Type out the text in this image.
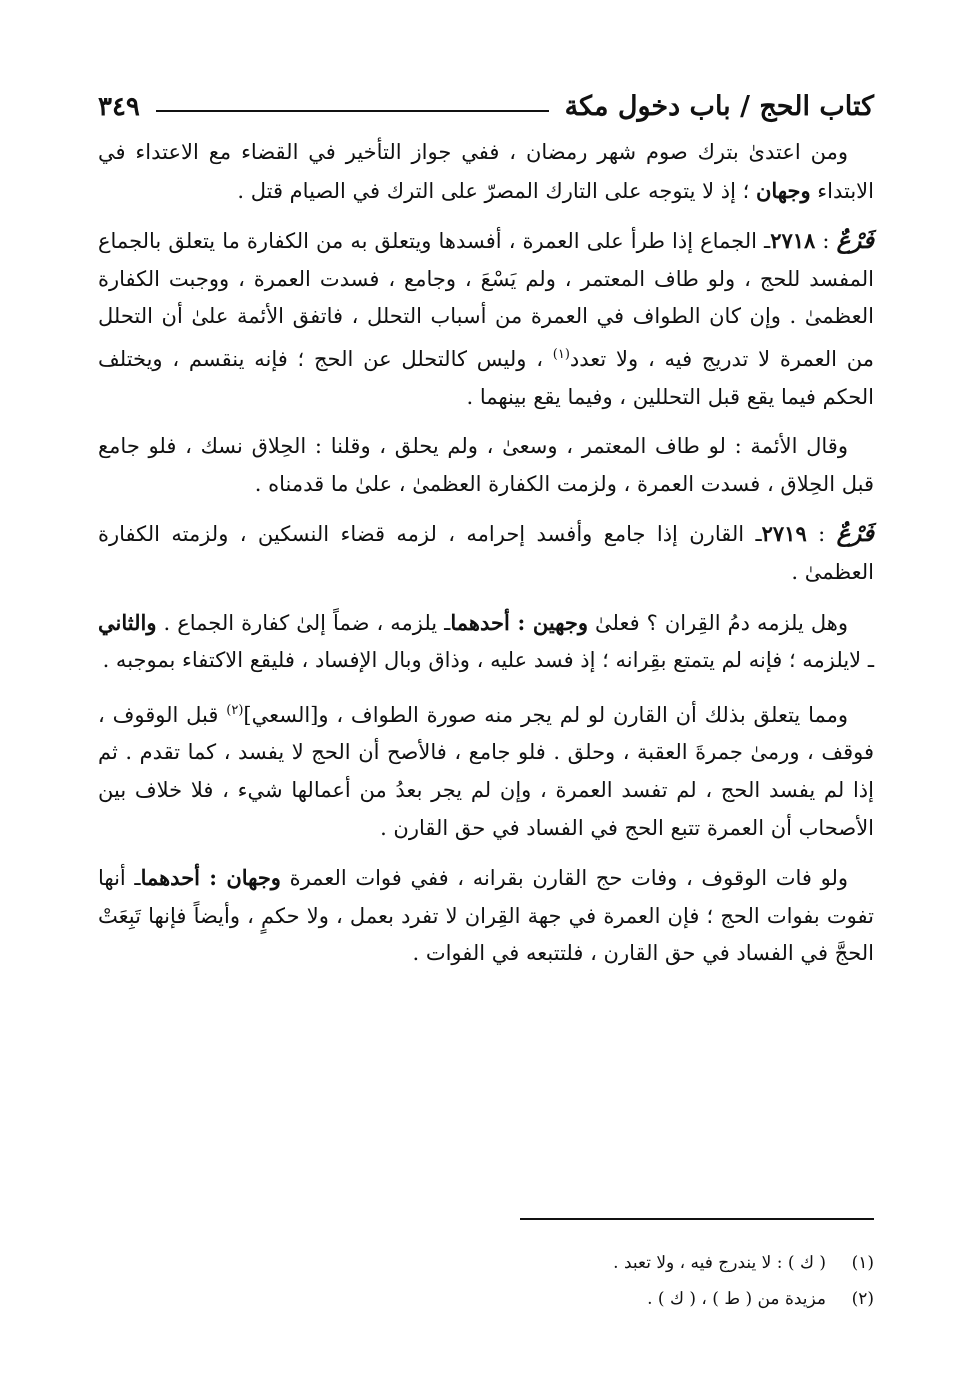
كتاب الحج / باب دخول مكة
٣٤٩

ومن اعتدىٰ بترك صوم شهر رمضان ، ففي جواز التأخير في القضاء مع الاعتداء في الابتداء وجهان ؛ إذ لا يتوجه على التارك المصرّ على الترك في الصيام قتل .

فَرْعٌ : ٢٧١٨ـ الجماع إذا طرأ على العمرة ، أفسدها ويتعلق به من الكفارة ما يتعلق بالجماع المفسد للحج ، ولو طاف المعتمر ، ولم يَسْعَ ، وجامع ، فسدت العمرة ، ووجبت الكفارة العظمىٰ . وإن كان الطواف في العمرة من أسباب التحلل ، فاتفق الأئمة علىٰ أن التحلل من العمرة لا تدريج فيه ، ولا تعدد$^{(١)}$ ، وليس كالتحلل عن الحج ؛ فإنه ينقسم ، ويختلف الحكم فيما يقع قبل التحللين ، وفيما يقع بينهما .

وقال الأئمة : لو طاف المعتمر ، وسعىٰ ، ولم يحلق ، وقلنا : الحِلاق نسك ، فلو جامع قبل الحِلاق ، فسدت العمرة ، ولزمت الكفارة العظمىٰ ، علىٰ ما قدمناه .

فَرْعٌ : ٢٧١٩ـ القارن إذا جامع وأفسد إحرامه ، لزمه قضاء النسكين ، ولزمته الكفارة العظمىٰ .

وهل يلزمه دمُ القِران ؟ فعلىٰ وجهين : أحدهماـ يلزمه ، ضماً إلىٰ كفارة الجماع . والثاني ـ لايلزمه ؛ فإنه لم يتمتع بقِرانه ؛ إذ فسد عليه ، وذاق وبال الإفساد ، فليقع الاكتفاء بموجبه .

ومما يتعلق بذلك أن القارن لو لم يجر منه صورة الطواف ، و[السعي]$^{(٢)}$ قبل الوقوف ، فوقف ، ورمىٰ جمرةَ العقبة ، وحلق . فلو جامع ، فالأصح أن الحج لا يفسد ، كما تقدم . ثم إذا لم يفسد الحج ، لم تفسد العمرة ، وإن لم يجر بعدُ من أعمالها شيء ، فلا خلاف بين الأصحاب أن العمرة تتبع الحج في الفساد في حق القارن .

ولو فات الوقوف ، وفات حج القارن بقرانه ، ففي فوات العمرة وجهان : أحدهماـ أنها تفوت بفوات الحج ؛ فإن العمرة في جهة القِران لا تفرد بعمل ، ولا حكمٍ ، وأيضاً فإنها تَبِعَتْ الحجَّ في الفساد في حق القارن ، فلتتبعه في الفوات .

(١)
( ك ) : لا يندرج فيه ، ولا تعبد .
(٢)
مزيدة من ( ط ) ، ( ك ) .
